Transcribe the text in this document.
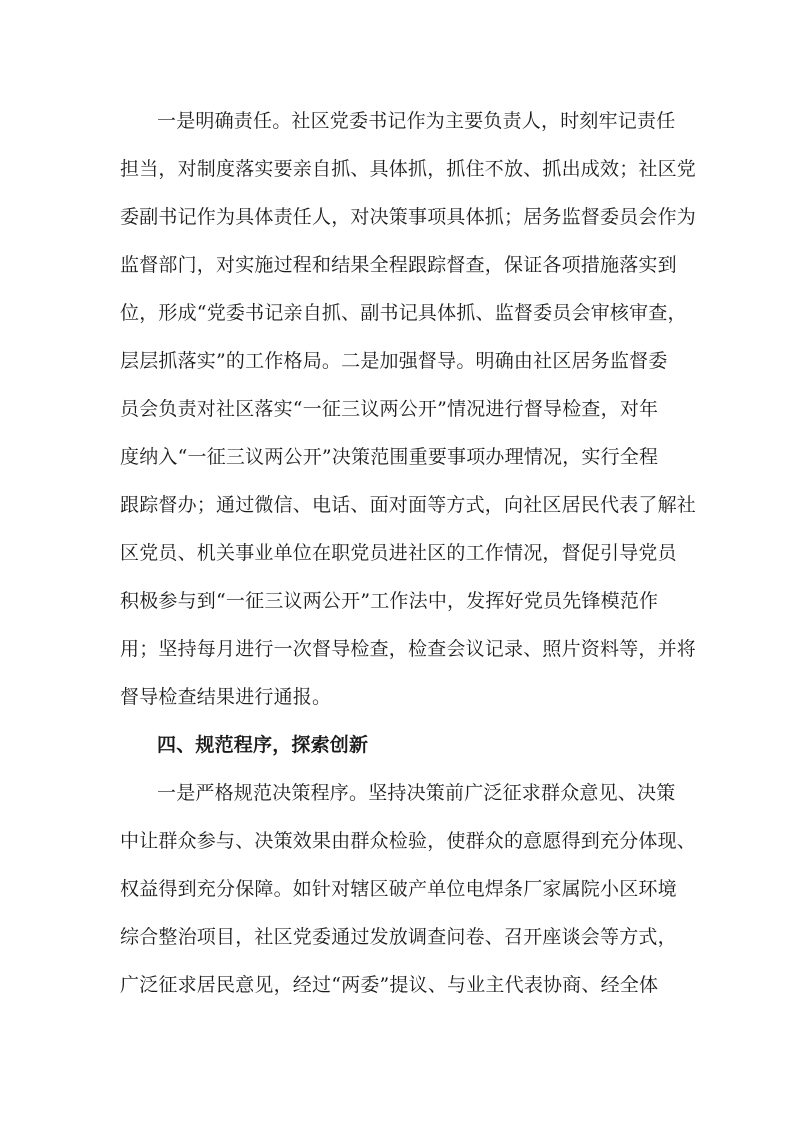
一是明确责任。社区党委书记作为主要负责人，时刻牢记责任
担当，对制度落实要亲自抓、具体抓，抓住不放、抓出成效；社区党
委副书记作为具体责任人，对决策事项具体抓；居务监督委员会作为
监督部门，对实施过程和结果全程跟踪督查，保证各项措施落实到
位，形成“党委书记亲自抓、副书记具体抓、监督委员会审核审查，
层层抓落实”的工作格局。二是加强督导。明确由社区居务监督委
员会负责对社区落实“一征三议两公开”情况进行督导检查，对年
度纳入“一征三议两公开”决策范围重要事项办理情况，实行全程
跟踪督办；通过微信、电话、面对面等方式，向社区居民代表了解社
区党员、机关事业单位在职党员进社区的工作情况，督促引导党员
积极参与到“一征三议两公开”工作法中，发挥好党员先锋模范作
用；坚持每月进行一次督导检查，检查会议记录、照片资料等，并将
督导检查结果进行通报。
四、规范程序，探索创新
一是严格规范决策程序。坚持决策前广泛征求群众意见、决策
中让群众参与、决策效果由群众检验，使群众的意愿得到充分体现、
权益得到充分保障。如针对辖区破产单位电焊条厂家属院小区环境
综合整治项目，社区党委通过发放调查问卷、召开座谈会等方式，
广泛征求居民意见，经过“两委”提议、与业主代表协商、经全体
